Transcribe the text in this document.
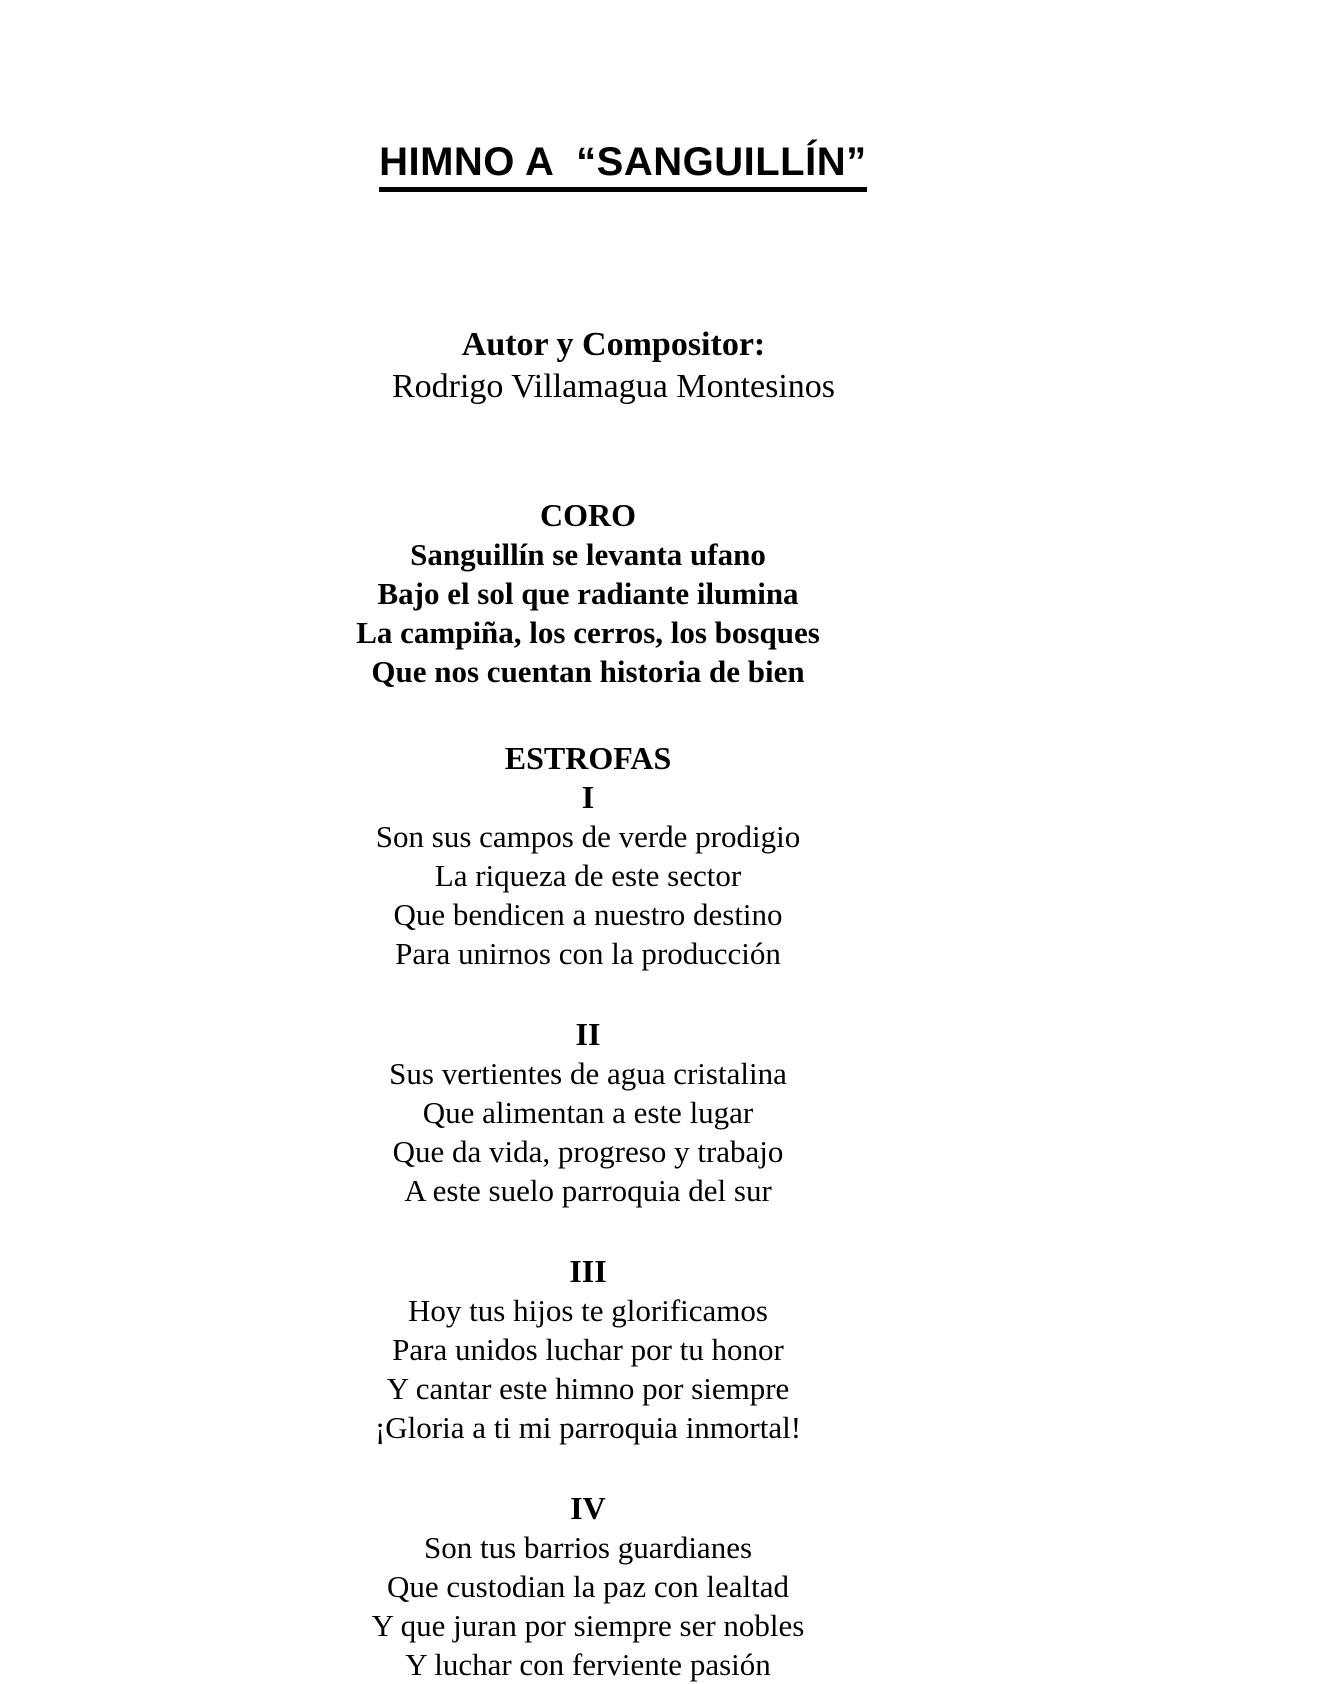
HIMNO A  “SANGUILLÍN”

Autor y Compositor:
Rodrigo Villamagua Montesinos

CORO
Sanguillín se levanta ufano
Bajo el sol que radiante ilumina
La campiña, los cerros, los bosques
Que nos cuentan historia de bien
ESTROFAS
I
Son sus campos de verde prodigio
La riqueza de este sector
Que bendicen a nuestro destino
Para unirnos con la producción
II
Sus vertientes de agua cristalina
Que alimentan a este lugar
Que da vida, progreso y trabajo
A este suelo parroquia del sur
III
Hoy tus hijos te glorificamos
Para unidos luchar por tu honor
Y cantar este himno por siempre
¡Gloria a ti mi parroquia inmortal!
IV
Son tus barrios guardianes
Que custodian la paz con lealtad
Y que juran por siempre ser nobles
Y luchar con ferviente pasión
